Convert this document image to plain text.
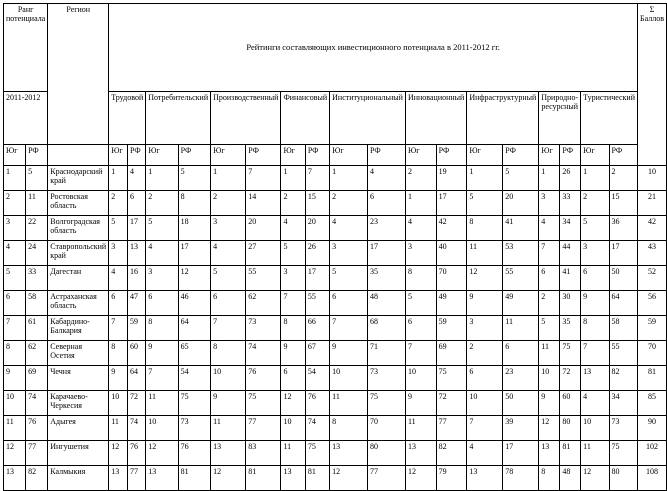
Ранг потенциала		Регион	Рейтинги составляющих инвестиционного потенциала в 2011-2012 гг.																		Σ Баллов
2011-2012			Трудовой		Потребительский		Производственный		Финансовый		Институциональный		Инновационный		Инфраструктурный		Природно-ресурсный		Туристический		
Юг	РФ		Юг	РФ	Юг	РФ	Юг	РФ	Юг	РФ	Юг	РФ	Юг	РФ	Юг	РФ	Юг	РФ	Юг	РФ	
1	5	Краснодарский край	1	4	1	5	1	7	1	7	1	4	2	19	1	5	1	26	1	2	10
2	11	Ростовская область	2	6	2	8	2	14	2	15	2	6	1	17	5	20	3	33	2	15	21
3	22	Волгоградская область	5	17	5	18	3	20	4	20	4	23	4	42	8	41	4	34	5	36	42
4	24	Ставропольский край	3	13	4	17	4	27	5	26	3	17	3	40	11	53	7	44	3	17	43
5	33	Дагестан	4	16	3	12	5	55	3	17	5	35	8	70	12	55	6	41	6	50	52
6	58	Астраханская область	6	47	6	46	6	62	7	55	6	48	5	49	9	49	2	30	9	64	56
7	61	Кабардино-Балкария	7	59	8	64	7	73	8	66	7	68	6	59	3	11	5	35	8	58	59
8	62	Северная Осетия	8	60	9	65	8	74	9	67	9	71	7	69	2	6	11	75	7	55	70
9	69	Чечня	9	64	7	54	10	76	6	54	10	73	10	75	6	23	10	72	13	82	81
10	74	Карачаево-Черкесия	10	72	11	75	9	75	12	76	11	75	9	72	10	50	9	60	4	34	85
11	76	Адыгея	11	74	10	73	11	77	10	74	8	70	11	77	7	39	12	80	10	73	90
12	77	Ингушетия	12	76	12	76	13	83	11	75	13	80	13	82	4	17	13	81	11	75	102
13	82	Калмыкия	13	77	13	81	12	81	13	81	12	77	12	79	13	78	8	48	12	80	108
